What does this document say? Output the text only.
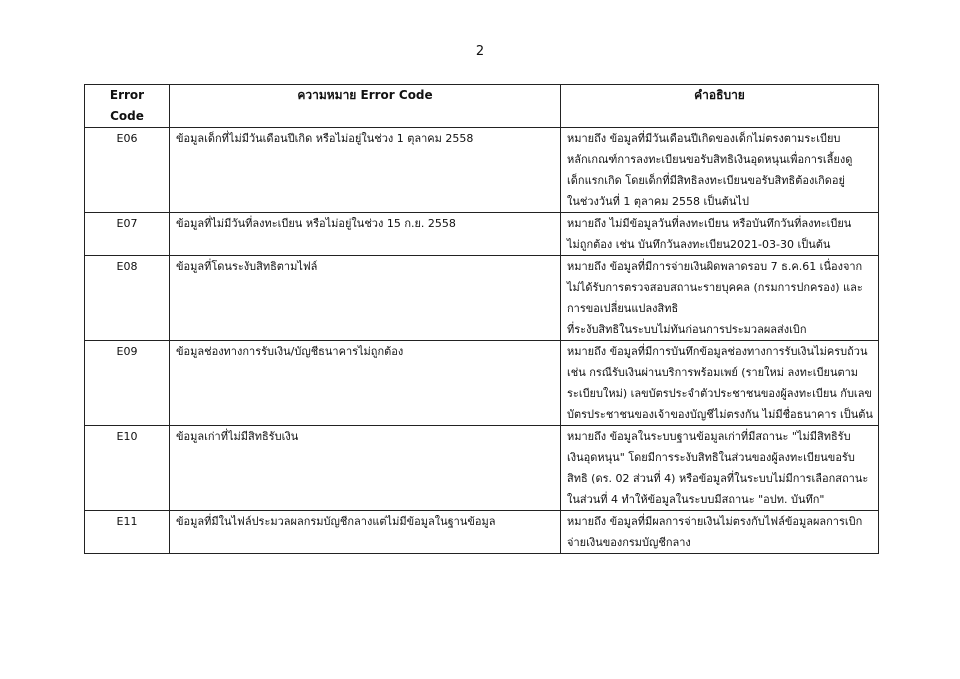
2
Error Code	ความหมาย Error Code	คำอธิบาย
E06	ข้อมูลเด็กที่ไม่มีวันเดือนปีเกิด หรือไม่อยู่ในช่วง 1 ตุลาคม 2558	หมายถึง ข้อมูลที่มีวันเดือนปีเกิดของเด็กไม่ตรงตามระเบียบ
หลักเกณฑ์การลงทะเบียนขอรับสิทธิเงินอุดหนุนเพื่อการเลี้ยงดู
เด็กแรกเกิด โดยเด็กที่มีสิทธิลงทะเบียนขอรับสิทธิต้องเกิดอยู่
ในช่วงวันที่ 1 ตุลาคม 2558 เป็นต้นไป

E07	ข้อมูลที่ไม่มีวันที่ลงทะเบียน หรือไม่อยู่ในช่วง 15 ก.ย. 2558	หมายถึง ไม่มีข้อมูลวันที่ลงทะเบียน หรือบันทึกวันที่ลงทะเบียน
ไม่ถูกต้อง เช่น บันทึกวันลงทะเบียน2021-03-30 เป็นต้น

E08	ข้อมูลที่โดนระงับสิทธิตามไฟล์	หมายถึง ข้อมูลที่มีการจ่ายเงินผิดพลาดรอบ 7 ธ.ค.61 เนื่องจาก
ไม่ได้รับการตรวจสอบสถานะรายบุคคล (กรมการปกครอง) และ
การขอเปลี่ยนแปลงสิทธิ
ที่ระงับสิทธิในระบบไม่ทันก่อนการประมวลผลส่งเบิก

E09	ข้อมูลช่องทางการรับเงิน/บัญชีธนาคารไม่ถูกต้อง	หมายถึง ข้อมูลที่มีการบันทึกข้อมูลช่องทางการรับเงินไม่ครบถ้วน
เช่น กรณีรับเงินผ่านบริการพร้อมเพย์ (รายใหม่ ลงทะเบียนตาม
ระเบียบใหม่) เลขบัตรประจำตัวประชาชนของผู้ลงทะเบียน กับเลข
บัตรประชาชนของเจ้าของบัญชีไม่ตรงกัน ไม่มีชื่อธนาคาร เป็นต้น

E10	ข้อมูลเก่าที่ไม่มีสิทธิรับเงิน	หมายถึง ข้อมูลในระบบฐานข้อมูลเก่าที่มีสถานะ "ไม่มีสิทธิรับ
เงินอุดหนุน" โดยมีการระงับสิทธิในส่วนของผู้ลงทะเบียนขอรับ
สิทธิ (ดร. 02 ส่วนที่ 4) หรือข้อมูลที่ในระบบไม่มีการเลือกสถานะ
ในส่วนที่ 4 ทำให้ข้อมูลในระบบมีสถานะ "อปท. บันทึก"

E11	ข้อมูลที่มีในไฟล์ประมวลผลกรมบัญชีกลางแต่ไม่มีข้อมูลในฐานข้อมูล	หมายถึง ข้อมูลที่มีผลการจ่ายเงินไม่ตรงกับไฟล์ข้อมูลผลการเบิก
จ่ายเงินของกรมบัญชีกลาง
